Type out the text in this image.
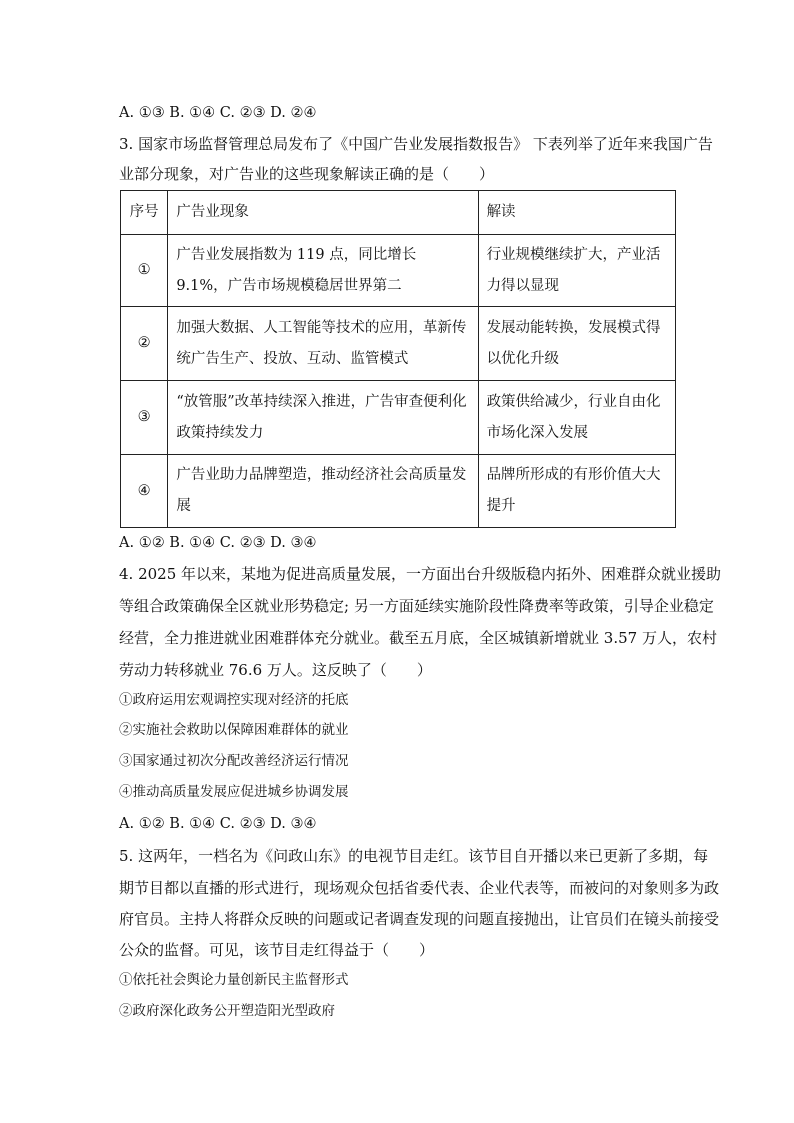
A. ①③ B. ①④ C. ②③ D. ②④
3. 国家市场监督管理总局发布了《中国广告业发展指数报告》 下表列举了近年来我国广告
业部分现象，对广告业的这些现象解读正确的是（　　）
序号	广告业现象	解读
①	广告业发展指数为 119 点，同比增长 9.1%，广告市场规模稳居世界第二	行业规模继续扩大，产业活力得以显现
②	加强大数据、人工智能等技术的应用，革新传统广告生产、投放、互动、监管模式	发展动能转换，发展模式得以优化升级
③	“放管服”改革持续深入推进，广告审查便利化政策持续发力	政策供给减少，行业自由化市场化深入发展
④	广告业助力品牌塑造，推动经济社会高质量发展	品牌所形成的有形价值大大提升
A. ①② B. ①④ C. ②③ D. ③④
4. 2025 年以来，某地为促进高质量发展，一方面出台升级版稳内拓外、困难群众就业援助
等组合政策确保全区就业形势稳定; 另一方面延续实施阶段性降费率等政策，引导企业稳定
经营，全力推进就业困难群体充分就业。截至五月底，全区城镇新增就业 3.57 万人，农村
劳动力转移就业 76.6 万人。这反映了（　　）
①政府运用宏观调控实现对经济的托底
②实施社会救助以保障困难群体的就业
③国家通过初次分配改善经济运行情况
④推动高质量发展应促进城乡协调发展
A. ①② B. ①④ C. ②③ D. ③④
5. 这两年，一档名为《问政山东》的电视节目走红。该节目自开播以来已更新了多期，每
期节目都以直播的形式进行，现场观众包括省委代表、企业代表等，而被问的对象则多为政
府官员。主持人将群众反映的问题或记者调查发现的问题直接抛出，让官员们在镜头前接受
公众的监督。可见，该节目走红得益于（　　）
①依托社会舆论力量创新民主监督形式
②政府深化政务公开塑造阳光型政府
